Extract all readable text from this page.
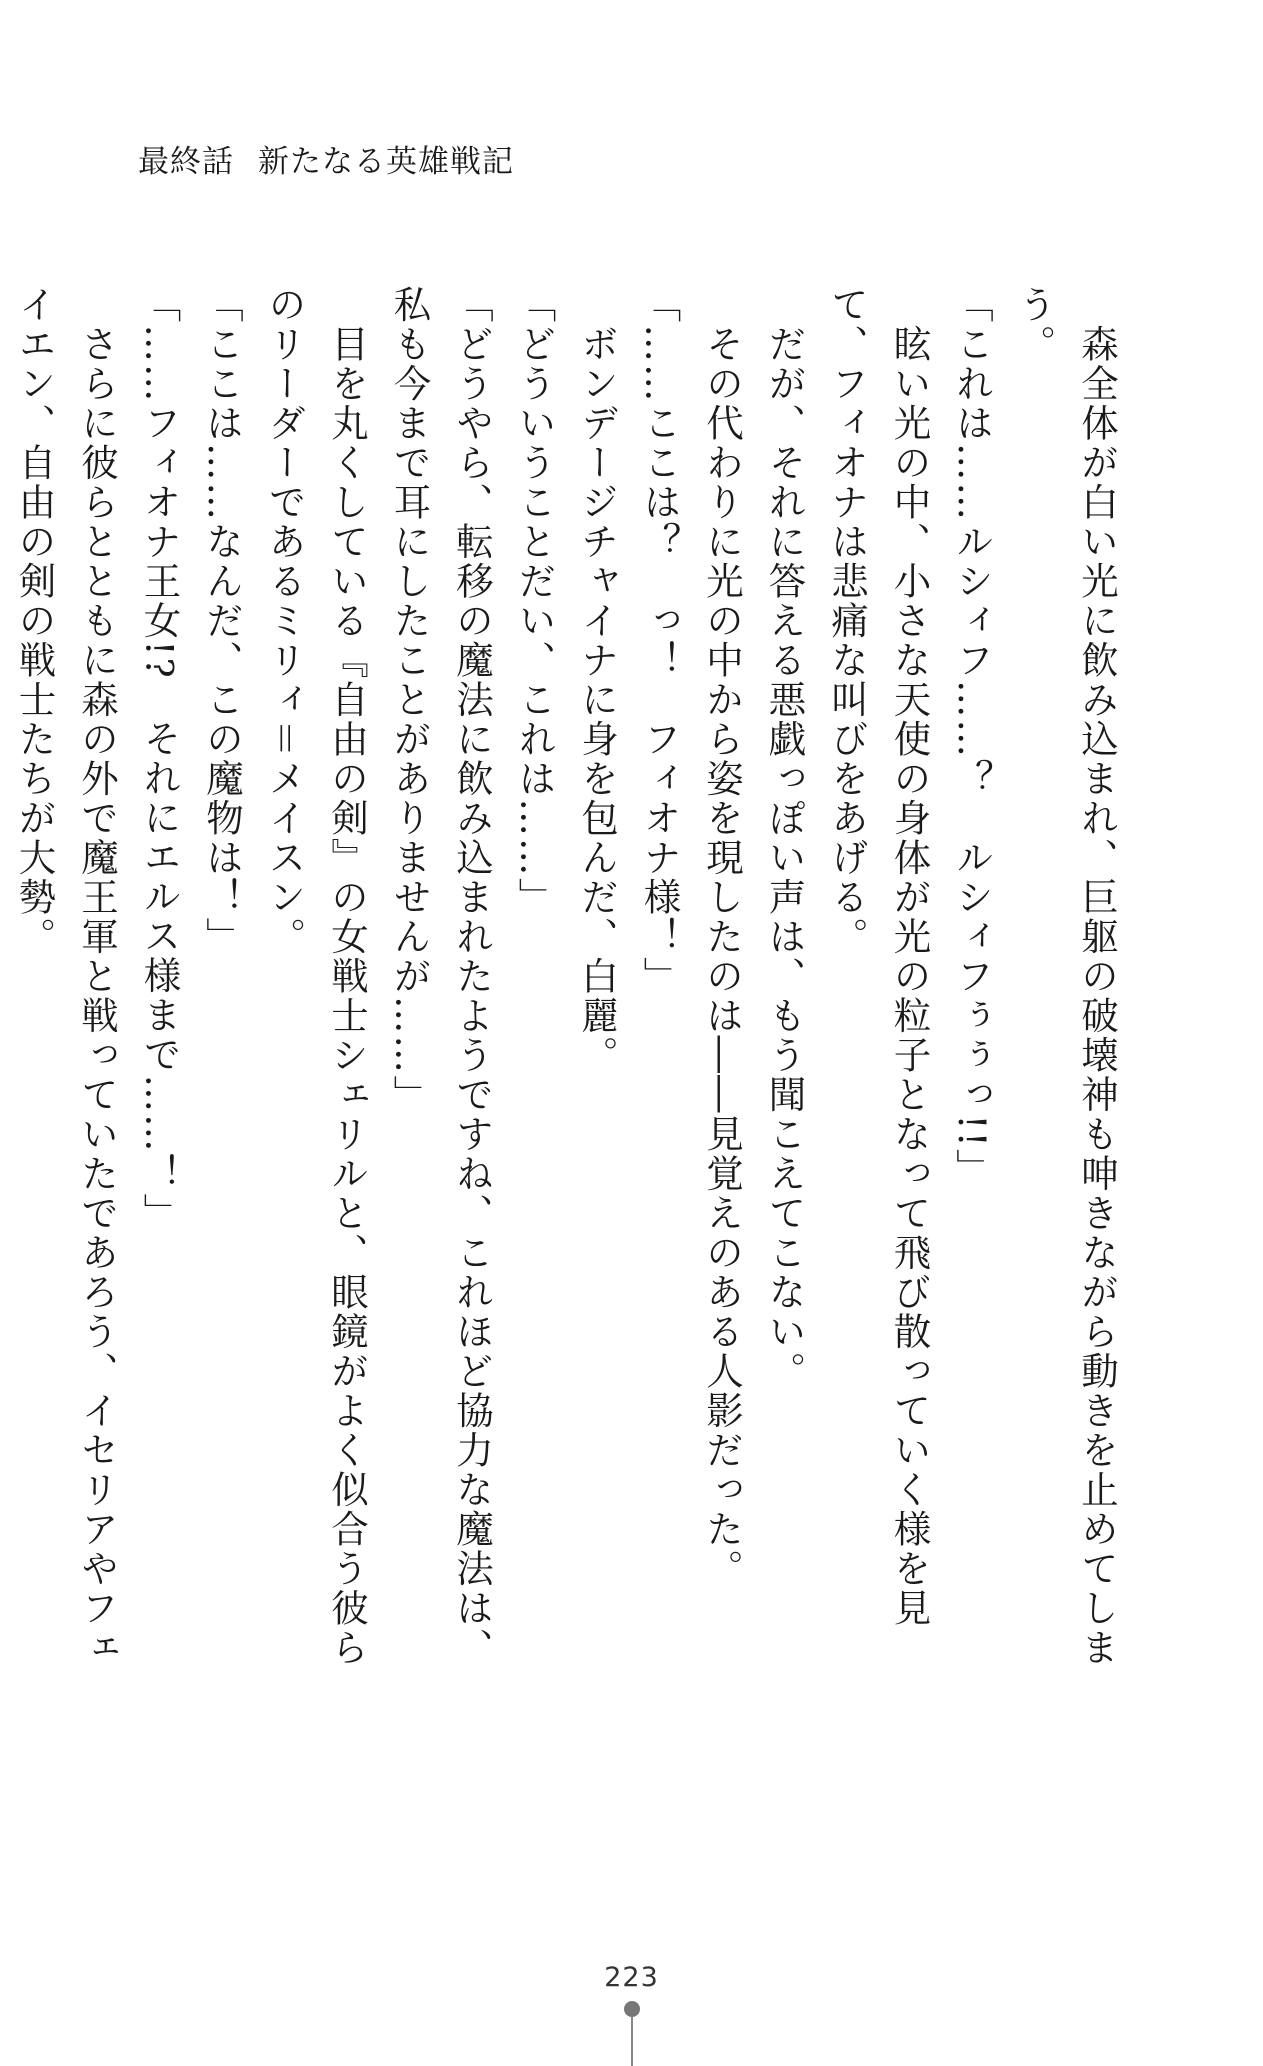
最終話 新たなる英雄戦記

　森全体が白い光に飲み込まれ、巨躯の破壊神も呻きながら動きを止めてしまう。

「これは……ルシィフ……？　ルシィフぅぅっ!!」

　眩い光の中、小さな天使の身体が光の粒子となって飛び散っていく様を見て、フィオナは悲痛な叫びをあげる。

　だが、それに答える悪戯っぽい声は、もう聞こえてこない。

　その代わりに光の中から姿を現したのは――見覚えのある人影だった。

「……ここは？　っ！　フィオナ様！」

　ボンデージチャイナに身を包んだ、白麗。

「どういうことだい、これは……」

「どうやら、転移の魔法に飲み込まれたようですね、これほど協力な魔法は、私も今まで耳にしたことがありませんが……」

　目を丸くしている『自由の剣』の女戦士シェリルと、眼鏡がよく似合う彼らのリーダーであるミリィ＝メイスン。

「ここは……なんだ、この魔物は！」

「……フィオナ王女!?　それにエルス様まで……！」

　さらに彼らとともに森の外で魔王軍と戦っていたであろう、イセリアやフェイエン、自由の剣の戦士たちが大勢。

223
